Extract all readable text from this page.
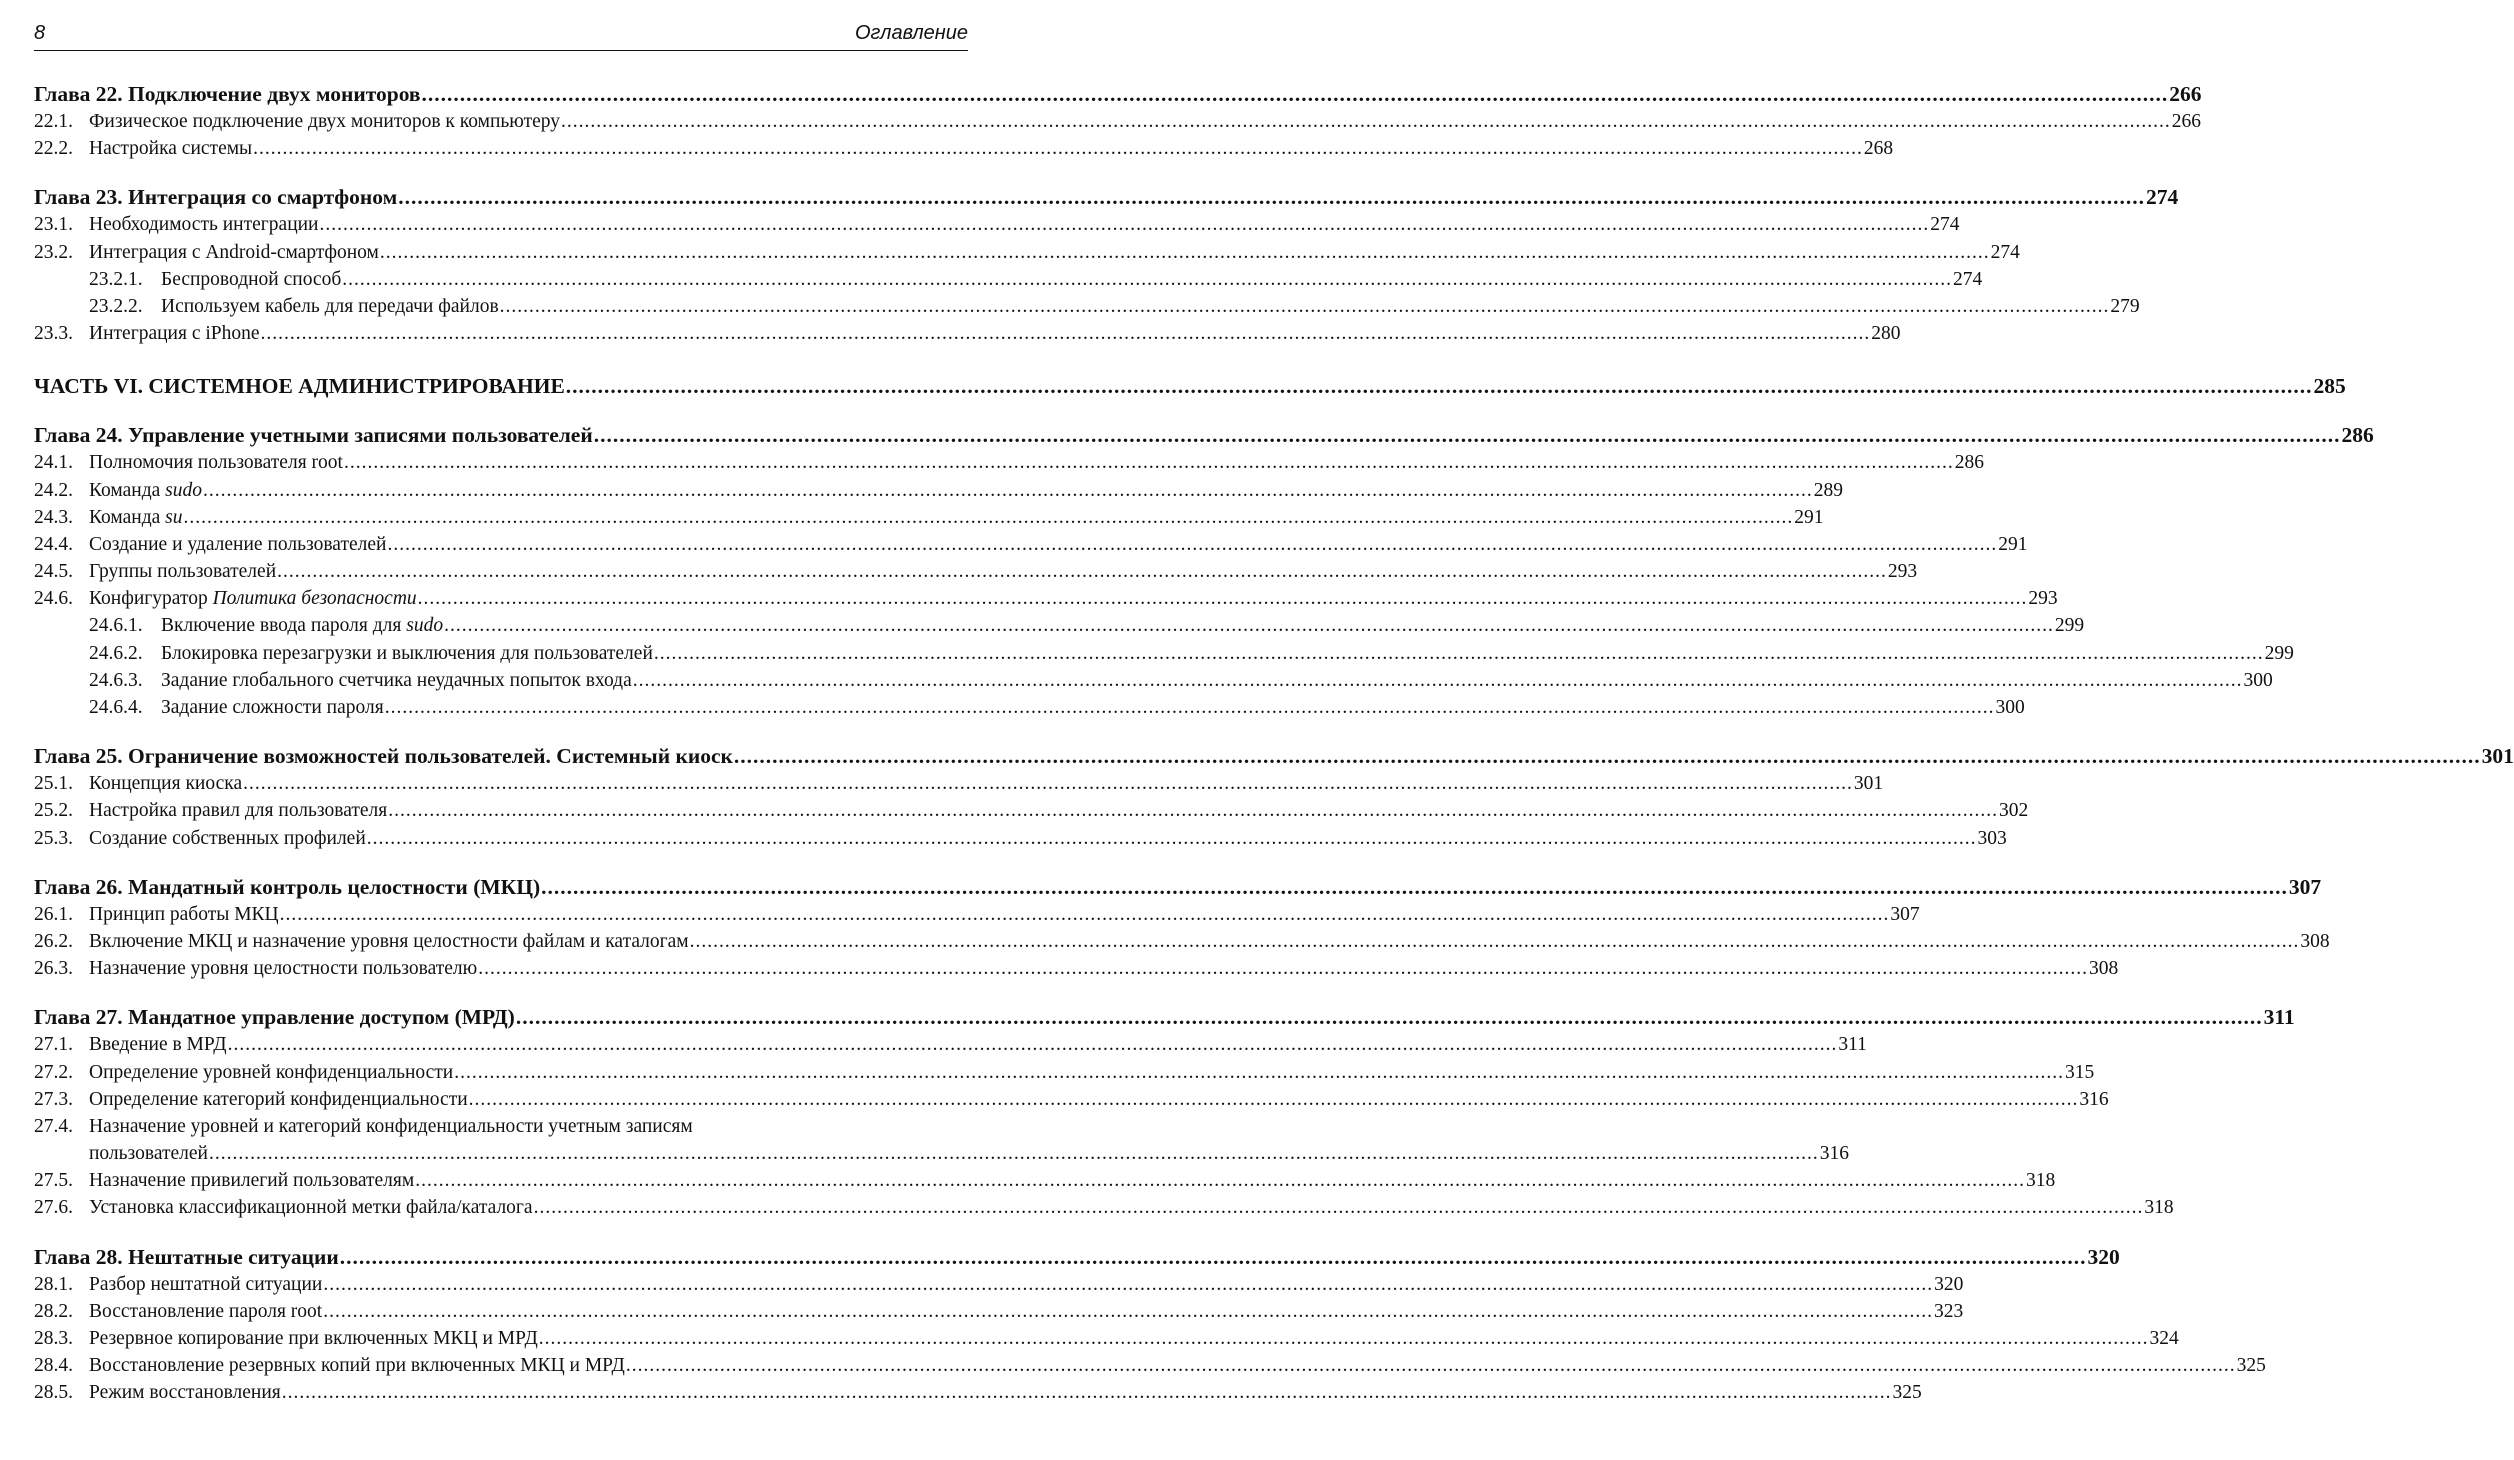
8	Оглавление
Глава 22. Подключение двух мониторов .....	266
22.1. Физическое подключение двух мониторов к компьютеру .....	266
22.2. Настройка системы .....	268
Глава 23. Интеграция со смартфоном .....	274
23.1. Необходимость интеграции .....	274
23.2. Интеграция с Android-смартфоном .....	274
23.2.1. Беспроводной способ .....	274
23.2.2. Используем кабель для передачи файлов .....	279
23.3. Интеграция с iPhone .....	280
ЧАСТЬ VI. СИСТЕМНОЕ АДМИНИСТРИРОВАНИЕ .....	285
Глава 24. Управление учетными записями пользователей .....	286
24.1. Полномочия пользователя root .....	286
24.2. Команда sudo .....	289
24.3. Команда su .....	291
24.4. Создание и удаление пользователей .....	291
24.5. Группы пользователей .....	293
24.6. Конфигуратор Политика безопасности .....	293
24.6.1. Включение ввода пароля для sudo .....	299
24.6.2. Блокировка перезагрузки и выключения для пользователей .....	299
24.6.3. Задание глобального счетчика неудачных попыток входа .....	300
24.6.4. Задание сложности пароля .....	300
Глава 25. Ограничение возможностей пользователей. Системный киоск .....	301
25.1. Концепция киоска .....	301
25.2. Настройка правил для пользователя .....	302
25.3. Создание собственных профилей .....	303
Глава 26. Мандатный контроль целостности (МКЦ) .....	307
26.1. Принцип работы МКЦ .....	307
26.2. Включение МКЦ и назначение уровня целостности файлам и каталогам .....	308
26.3. Назначение уровня целостности пользователю .....	308
Глава 27. Мандатное управление доступом (МРД) .....	311
27.1. Введение в МРД .....	311
27.2. Определение уровней конфиденциальности .....	315
27.3. Определение категорий конфиденциальности .....	316
27.4. Назначение уровней и категорий конфиденциальности учетным записям
пользователей .....	316
27.5. Назначение привилегий пользователям .....	318
27.6. Установка классификационной метки файла/каталога .....	318
Глава 28. Нештатные ситуации .....	320
28.1. Разбор нештатной ситуации .....	320
28.2. Восстановление пароля root .....	323
28.3. Резервное копирование при включенных МКЦ и МРД .....	324
28.4. Восстановление резервных копий при включенных МКЦ и МРД .....	325
28.5. Режим восстановления .....	325
